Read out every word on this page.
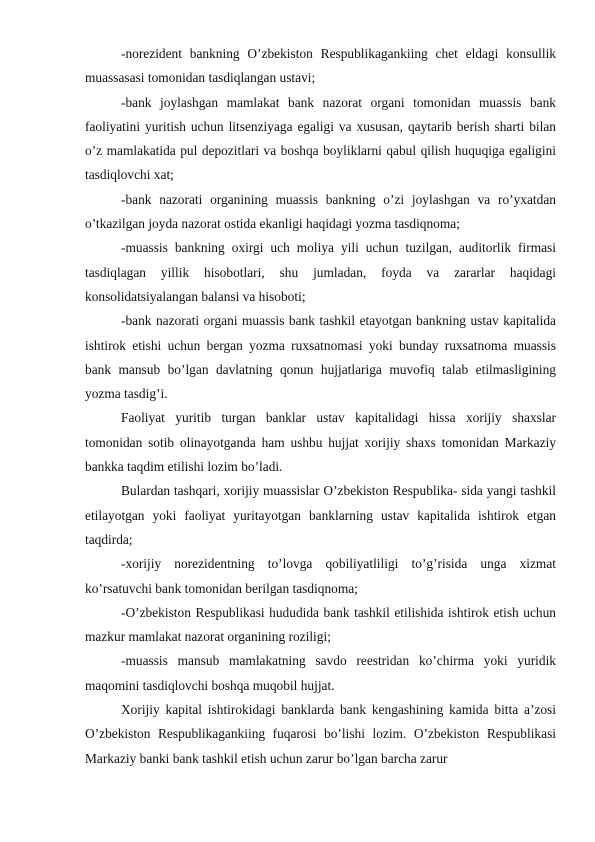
-norezident bankning O’zbekiston Respublikagankiing chet eldagi konsullik muassasasi tomonidan tasdiqlangan ustavi;

-bank joylashgan mamlakat bank nazorat organi tomonidan muassis bank faoliyatini yuritish uchun litsenziyaga egaligi va xususan, qaytarib berish sharti bilan o’z mamlakatida pul depozitlari va boshqa boyliklarni qabul qilish huquqiga egaligini tasdiqlovchi xat;

-bank nazorati organining muassis bankning o’zi joylashgan va ro’yxatdan o’tkazilgan joyda nazorat ostida ekanligi haqidagi yozma tasdiqnoma;

-muassis bankning oxirgi uch moliya yili uchun tuzilgan, auditorlik firmasi tasdiqlagan yillik hisobotlari, shu jumladan, foyda va zararlar haqidagi konsolidatsiyalangan balansi va hisoboti;

-bank nazorati organi muassis bank tashkil etayotgan bankning ustav kapitalida ishtirok etishi uchun bergan yozma ruxsatnomasi yoki bunday ruxsatnoma muassis bank mansub bo’lgan davlatning qonun hujjatlariga muvofiq talab etilmasligining yozma tasdig’i.

Faoliyat yuritib turgan banklar ustav kapitalidagi hissa xorijiy shaxslar tomonidan sotib olinayotganda ham ushbu hujjat xorijiy shaxs tomonidan Markaziy bankka taqdim etilishi lozim bo’ladi.

Bulardan tashqari, xorijiy muassislar O’zbekiston Respublika- sida yangi tashkil etilayotgan yoki faoliyat yuritayotgan banklarning ustav kapitalida ishtirok etgan taqdirda;

-xorijiy norezidentning to’lovga qobiliyatliligi to’g’risida unga xizmat ko’rsatuvchi bank tomonidan berilgan tasdiqnoma;

-O’zbekiston Respublikasi hududida bank tashkil etilishida ishtirok etish uchun mazkur mamlakat nazorat organining roziligi;

-muassis mansub mamlakatning savdo reestridan ko’chirma yoki yuridik maqomini tasdiqlovchi boshqa muqobil hujjat.

Xorijiy kapital ishtirokidagi banklarda bank kengashining kamida bitta a’zosi O’zbekiston Respublikagankiing fuqarosi bo’lishi lozim. O’zbekiston Respublikasi Markaziy banki bank tashkil etish uchun zarur bo’lgan barcha zarur
